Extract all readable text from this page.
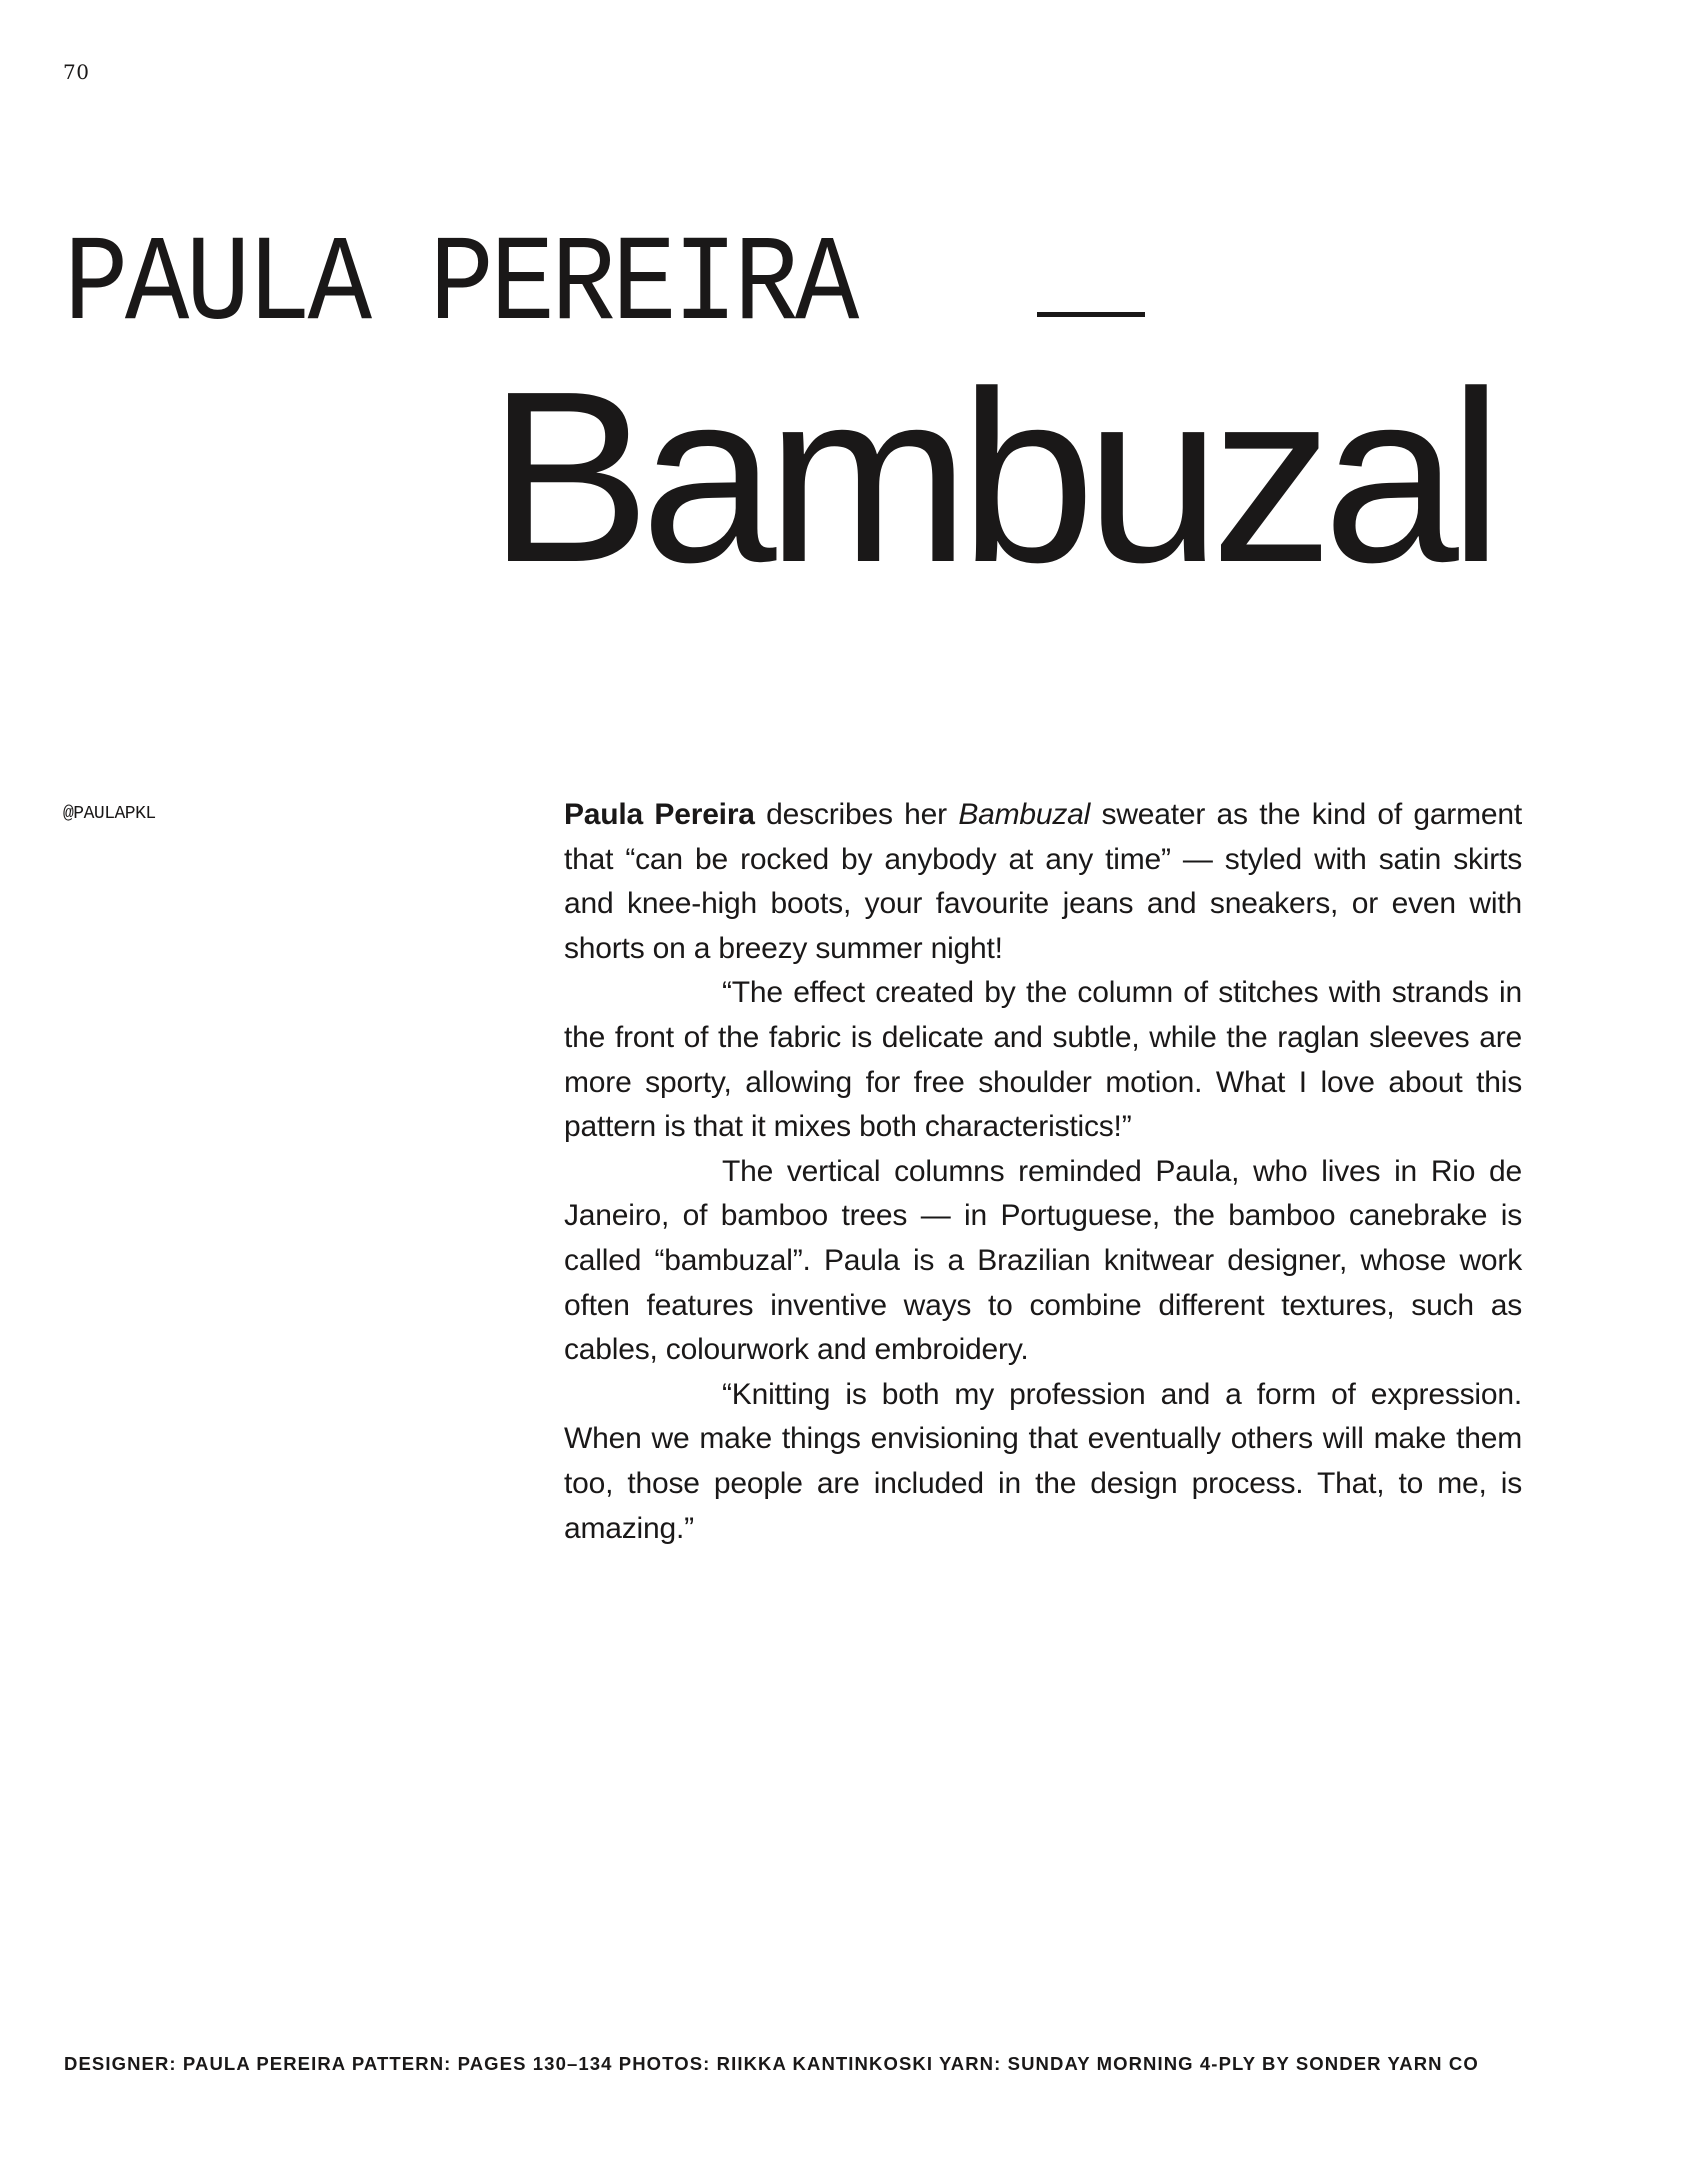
70
PAULA PEREIRA
Bambuzal
@PAULAPKL	Paula Pereira describes her Bambuzal sweater as the kind of garment that “can be rocked by anybody at any time” — styled with satin skirts and knee-high boots, your favourite jeans and sneakers, or even with shorts on a breezy summer night!

“The effect created by the column of stitches with strands in the front of the fabric is delicate and subtle, while the raglan sleeves are more sporty, allowing for free shoulder motion. What I love about this pattern is that it mixes both characteristics!”

The vertical columns reminded Paula, who lives in Rio de Janeiro, of bamboo trees — in Portuguese, the bamboo canebrake is called “bambuzal”. Paula is a Brazilian knitwear designer, whose work often features inventive ways to combine different textures, such as cables, colourwork and embroidery.

“Knitting is both my profession and a form of expression. When we make things envisioning that eventually others will make them too, those people are included in the design process. That, to me, is amazing.”

DESIGNER: PAULA PEREIRA PATTERN: PAGES 130–134 PHOTOS: RIIKKA KANTINKOSKI YARN: SUNDAY MORNING 4-PLY BY SONDER YARN CO
